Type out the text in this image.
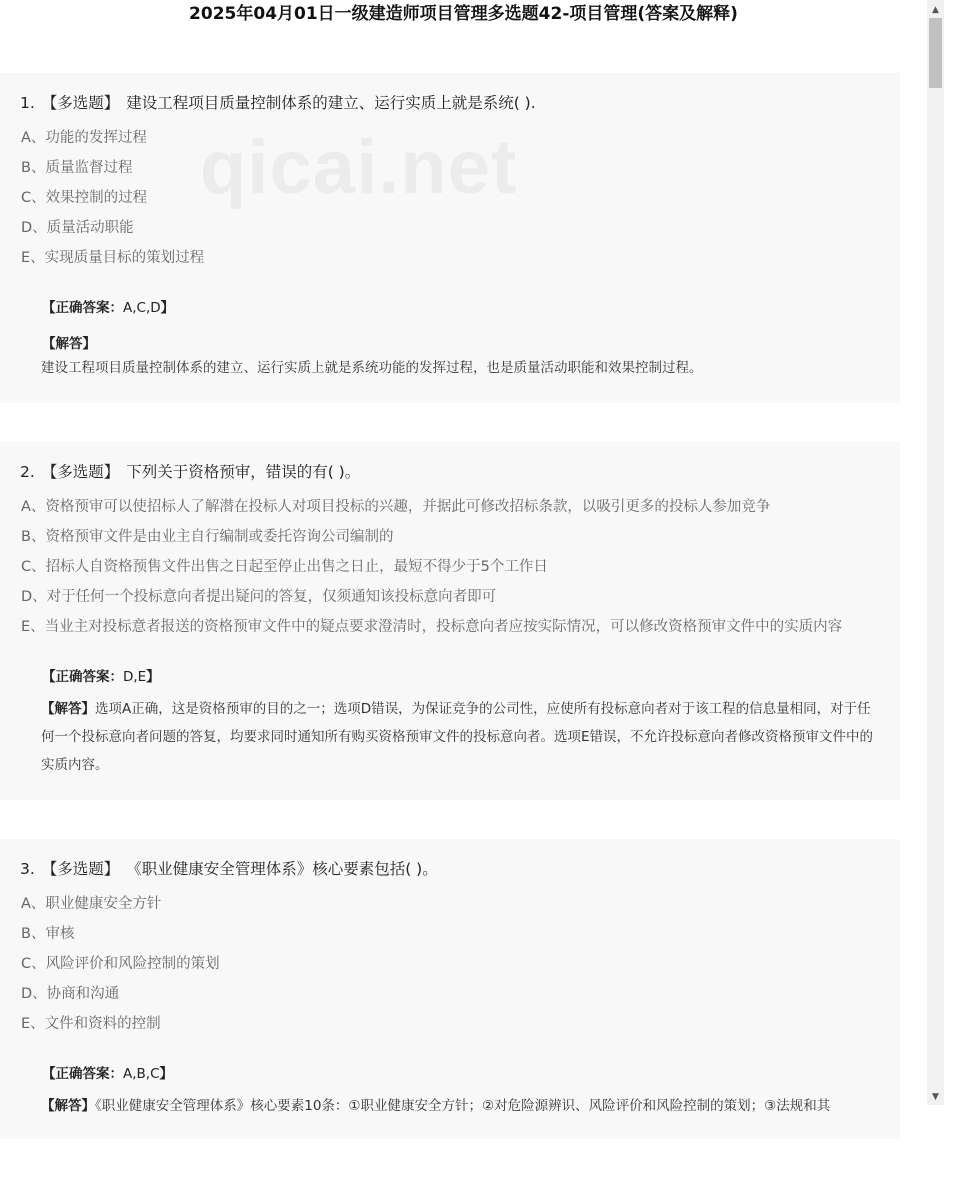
2025年04月01日一级建造师项目管理多选题42-项目管理(答案及解释)
1. 【多选题】 建设工程项目质量控制体系的建立、运行实质上就是系统( ).
A、功能的发挥过程
B、质量监督过程
C、效果控制的过程
D、质量活动职能
E、实现质量目标的策划过程
【正确答案：A,C,D】
【解答】
建设工程项目质量控制体系的建立、运行实质上就是系统功能的发挥过程，也是质量活动职能和效果控制过程。
2. 【多选题】 下列关于资格预审，错误的有( )。
A、资格预审可以使招标人了解潜在投标人对项目投标的兴趣，并据此可修改招标条款，以吸引更多的投标人参加竞争
B、资格预审文件是由业主自行编制或委托咨询公司编制的
C、招标人自资格预售文件出售之日起至停止出售之日止，最短不得少于5个工作日
D、对于任何一个投标意向者提出疑问的答复，仅须通知该投标意向者即可
E、当业主对投标意者报送的资格预审文件中的疑点要求澄清时，投标意向者应按实际情况，可以修改资格预审文件中的实质内容
【正确答案：D,E】
【解答】选项A正确，这是资格预审的目的之一；选项D错误，为保证竞争的公司性，应使所有投标意向者对于该工程的信息量相同，对于任何一个投标意向者问题的答复，均要求同时通知所有购买资格预审文件的投标意向者。选项E错误，不允许投标意向者修改资格预审文件中的实质内容。
3. 【多选题】 《职业健康安全管理体系》核心要素包括( )。
A、职业健康安全方针
B、审核
C、风险评价和风险控制的策划
D、协商和沟通
E、文件和资料的控制
【正确答案：A,B,C】
【解答】《职业健康安全管理体系》核心要素10条：①职业健康安全方针；②对危险源辨识、风险评价和风险控制的策划；③法规和其
qicai.net
▲
▼
